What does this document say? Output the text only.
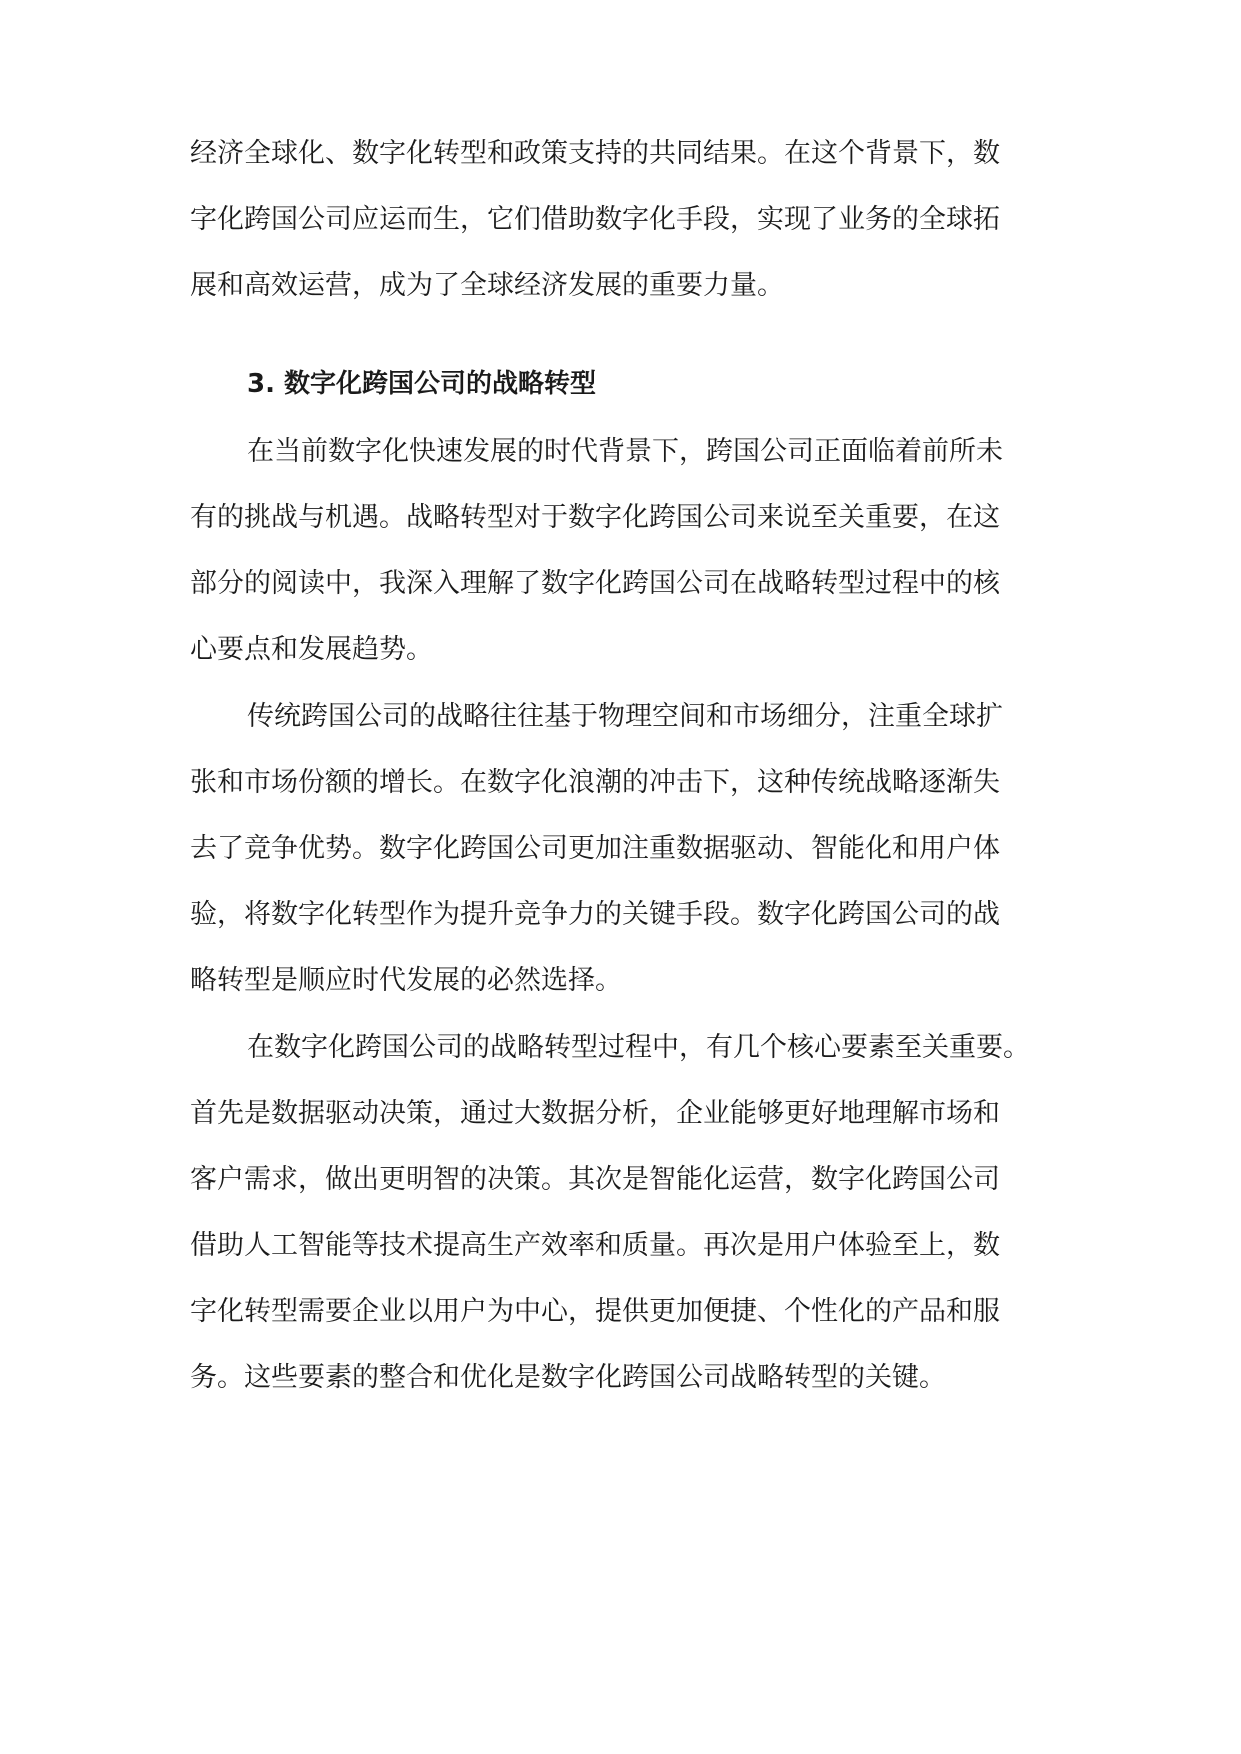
经济全球化、数字化转型和政策支持的共同结果。在这个背景下，数
字化跨国公司应运而生，它们借助数字化手段，实现了业务的全球拓
展和高效运营，成为了全球经济发展的重要力量。
3. 数字化跨国公司的战略转型
在当前数字化快速发展的时代背景下，跨国公司正面临着前所未
有的挑战与机遇。战略转型对于数字化跨国公司来说至关重要，在这
部分的阅读中，我深入理解了数字化跨国公司在战略转型过程中的核
心要点和发展趋势。
传统跨国公司的战略往往基于物理空间和市场细分，注重全球扩
张和市场份额的增长。在数字化浪潮的冲击下，这种传统战略逐渐失
去了竞争优势。数字化跨国公司更加注重数据驱动、智能化和用户体
验，将数字化转型作为提升竞争力的关键手段。数字化跨国公司的战
略转型是顺应时代发展的必然选择。
在数字化跨国公司的战略转型过程中，有几个核心要素至关重要。
首先是数据驱动决策，通过大数据分析，企业能够更好地理解市场和
客户需求，做出更明智的决策。其次是智能化运营，数字化跨国公司
借助人工智能等技术提高生产效率和质量。再次是用户体验至上，数
字化转型需要企业以用户为中心，提供更加便捷、个性化的产品和服
务。这些要素的整合和优化是数字化跨国公司战略转型的关键。
